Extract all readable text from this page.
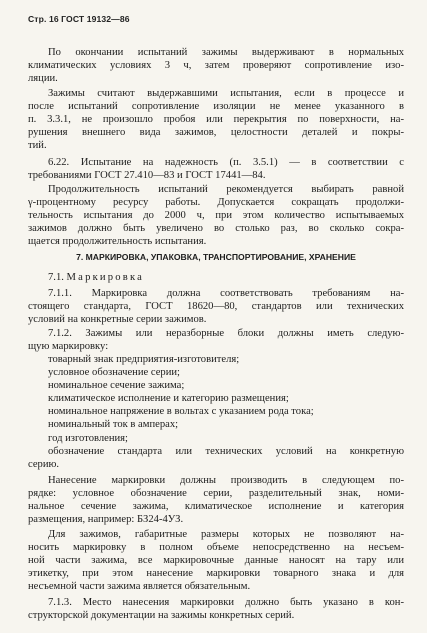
Стр. 16 ГОСТ 19132—86
По окончании испытаний зажимы выдерживают в нормальных
климатических условиях 3 ч, затем проверяют сопротивление изо-
ляции.
Зажимы считают выдержавшими испытания, если в процессе и
после испытаний сопротивление изоляции не менее указанного в
п. 3.3.1, не произошло пробоя или перекрытия по поверхности, на-
рушения внешнего вида зажимов, целостности деталей и покры-
тий.
6.22. Испытание на надежность (п. 3.5.1) — в соответствии с
требованиями ГОСТ 27.410—83 и ГОСТ 17441—84.
Продолжительность испытаний рекомендуется выбирать равной
γ-процентному ресурсу работы. Допускается сокращать продолжи-
тельность испытания до 2000 ч, при этом количество испытываемых
зажимов должно быть увеличено во столько раз, во сколько сокра-
щается продолжительность испытания.
7. МАРКИРОВКА, УПАКОВКА, ТРАНСПОРТИРОВАНИЕ, ХРАНЕНИЕ
7.1. Маркировка
7.1.1. Маркировка должна соответствовать требованиям на-
стоящего стандарта, ГОСТ 18620—80, стандартов или технических
условий на конкретные серии зажимов.
7.1.2. Зажимы или неразборные блоки должны иметь следую-
щую маркировку:
товарный знак предприятия-изготовителя;
условное обозначение серии;
номинальное сечение зажима;
климатическое исполнение и категорию размещения;
номинальное напряжение в вольтах с указанием рода тока;
номинальный ток в амперах;
год изготовления;
обозначение стандарта или технических условий на конкретную
серию.
Нанесение маркировки должны производить в следующем по-
рядке: условное обозначение серии, разделительный знак, номи-
нальное сечение зажима, климатическое исполнение и категория
размещения, например: БЗ24-4УЗ.
Для зажимов, габаритные размеры которых не позволяют на-
носить маркировку в полном объеме непосредственно на несъем-
ной части зажима, все маркировочные данные наносят на тару или
этикетку, при этом нанесение маркировки товарного знака и для
несъемной части зажима является обязательным.
7.1.3. Место нанесения маркировки должно быть указано в кон-
структорской документации на зажимы конкретных серий.
